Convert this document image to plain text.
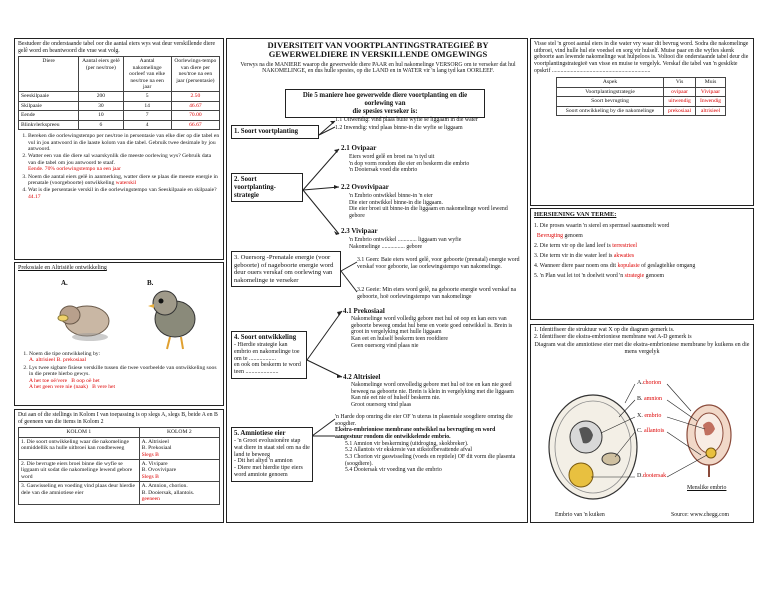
Bestudeer die onderstaande tabel oor die aantal eiers wys wat deur verskillende diere gelê word en beantwoord die vrae wat volg.
Diere	Aantal eiers gelê (per nes/troe)	Aantal nakomelinge oorleef van elke nes/troe na een jaar	Oorlewings-tempo van diere per nes/troe na een jaar (persentasie)
Seeskilpaaie	200	5	2.50
Skilpaaie	30	14	46.67
Eende	10	7	70.00
Blinkvlerkspreeu	6	4	66.67
1. Bereken die oorlewingstempo per nes/troe in persentasie van elke dier op die tabel en vul in jou antwoord in die laaste kolom van die tabel. Gebruik twee desimale by jou antwoord.
2. Watter een van die diere sal waarskynlik die meeste oorlewing wys? Gebruik data van die tabel om jou antwoord te staaf.
Eende. 70% oorlewingstempo na een jaar
3. Noem die aantal eiers gelê in aanmerking, watter diere se plaas die meeste energie in prenatale (voorgeboorte) ontwikkeling waterskil
4. Wat is die persentasie verskil in die oorlewingstempo van Seeskilpaaie en skilpaaie? 44.17
Prekosiale en Altrisiële ontwikkeling
A.	B.
1. Noem die tipe ontwikkeling by:
A. altrisieel B. prekosiaal
2. Lys twee sigbare fisiese verskille tussen die twee voorbeelde van ontwikkeling soos in die prente hierbo gewys.
A het toe oë/vere B oop oë het
A het geen vere nie (naak) B vere het
Dui aan of die stellings in Kolom I van toepassing is op slegs A, slegs B, beide A en B of geeneen van die items in Kolom 2
KOLOM 1	KOLOM 2
1. Die soort ontwikkeling waar die nakomelinge onmiddellik na hulle uitbroei kan rondbeweeg	A. Altrisieel
B. Prekosiaal
Slegs B
2. Die bevrugte eiers broei binne die wyfie se liggaam uit sodat die nakomelinge lewend gebore word	A. Vivipare
B. Ovovivipare
Slegs B
3. Gaswisseling en voeding vind plaas deur hierdie dele van die amniotiese eier	A. Amnion, chorion.
B. Dooiersak, allantois.
geeneen
DIVERSITEIT VAN VOORTPLANTINGSTRATEGIEË BY
GEWERWELDIERE IN VERSKILLENDE OMGEWINGS
Verwys na die MANIERE waarop die gewerwelde diere PAAR en hul nakomelinge VERSORG om te verseker dat hul NAKOMELINGE, en dus hulle spesies, op die LAND en in WATER vir 'n lang tyd kan OORLEEF.
Die 5 maniere hoe gewerwelde diere voortplanting en die oorlewing van
die spesies verseker is:
1. Soort voortplanting
1.1 Uitwendig: vind plaas buite wyfie se liggaam in die water
1.2 Inwendig: vind plaas binne-in die wyfie se liggaam
2. Soort voortplanting-strategie
2.1 Ovipaar
Eiers word gelê en broei na 'n tyd uit
'n dop vorm rondom die eier en beskerm die embrio
'n Dooiersak voed die embrio
2.2 Ovovivipaar
'n Embrio ontwikkel binne-in 'n eier
Die eier ontwikkel binne-in die liggaam.
Die eier broei uit binne-in die liggaam en nakomelinge word lewend gebore
2.3 Vivipaar
'n Embrio ontwikkel ............. liggaam van wyfie
Nakomelinge ................ gebore
3.1 Geen: Baie eiers word gelê, voor geboorte (prenatal) energie word verskaf voor geboorte, lae oorlewingstempo van nakomelinge.
3.2 Geeie: Min eiers word gelê, na geboorte energie word verskaf na geboorte, hoë oorlewingstempo van nakomelinge
3. Ouersorg -Prenatale energie (voor geboorte) of nageboorte energie word deur ouers verskaf om oorlewing van nakomelinge te verseker
4. Soort ontwikkeling
- Hierdie strategie kan embrio en nakomelinge toe om te ..................
en ook om beskerm te word teen ......................
4.1 Prekosiaal
Nakomelinge word volledig gebore met hul oë oop en kan eers van geboorte beweeg omdat hul bene en voete goed ontwikkel is. Brein is groot in vergelyking met hulle liggaam
Kan eet en hulself beskerm teen roofdiere
Geen ouersorg vind plaas nie
4.2 Altrisieel
Nakomelinge word onvolledig gebore met hul oë toe en kan nie goed beweeg na geboorte nie. Brein is klein in vergelyking met die liggaam
Kan nie eet nie of hulself beskerm nie.
Groot ouersorg vind plaas
5. Amniotiese eier
- 'n Groot evolusionêre stap wat diere in staat stel om na die land te beweeg
- Dit het altyd 'n amnion
- Diere met hierdie tipe eiers word amniote genoem
'n Harde dop omring die eier OF 'n uterus in plasentale soogdiere omring die soogdier.
Ekstra-embrioniese membrane ontwikkel na bevrugting en word aangestuur rondom die ontwikkelende embrio.
5.1 Amnion vir beskerming (uitdroging, skokbreker).
5.2 Allantois vir ekskresie van stikstofbevattende afval
5.3 Chorion vir gaswisseling (voeds en reptiele) OF dit vorm die plasenta (soogdiere).
5.4 Dooiersak vir voeding van die embrio
Visse stel 'n groot aantal eiers in die water vry waar dit bevrug word. Sodra die nakomelinge uitbroei, vind hulle hul eie voedsel en sorg vir hulself. Muise paar en die wyfies skenk geboorte aan lewende nakomelinge wat hulpeloos is. Voltooi die onderstaande tabel deur die voortplantingstrategieë van visse en muise te vergelyk. Verskaf die tabel van 'n geskikte opskrif ....................................................................
Aspek	Vis	Muis
Voortplantingstrategie	ovipaar	Vivipaar
Soort bevrugting	uitwendig	Inwendig
Soort ontwikkeling by die nakomelinge	prekosiaal	altrisieel
HERSIENING VAN TERME:
1. Die proses waarin 'n sierel en spermsel saamsmelt word
Bevrugting genoem
2. Die term vir op die land leef is terrestrieel
3. Die term vir in die water leef is akwaties
4. Wanneer diere paar noem ons dit kopulasie of geslagtelike omgang
5. 'n Plan wat lei tot 'n doelwit word 'n strategie genoem
1. Identifiseer die struktuur wat X op die diagram gemerk is.
2. Identifiseer die ekstra-embrioniese membrane wat A-D gemerk is
Diagram wat die amniotiese eier met die ekstra-embrioniese membrane by kuikens en die mens vergelyk
A.chorion
B. amnion
X. embrio
C. allantois
D.dooiersak
Menslike embrio
Embrio van 'n kuiken	Source: www.chegg.com
